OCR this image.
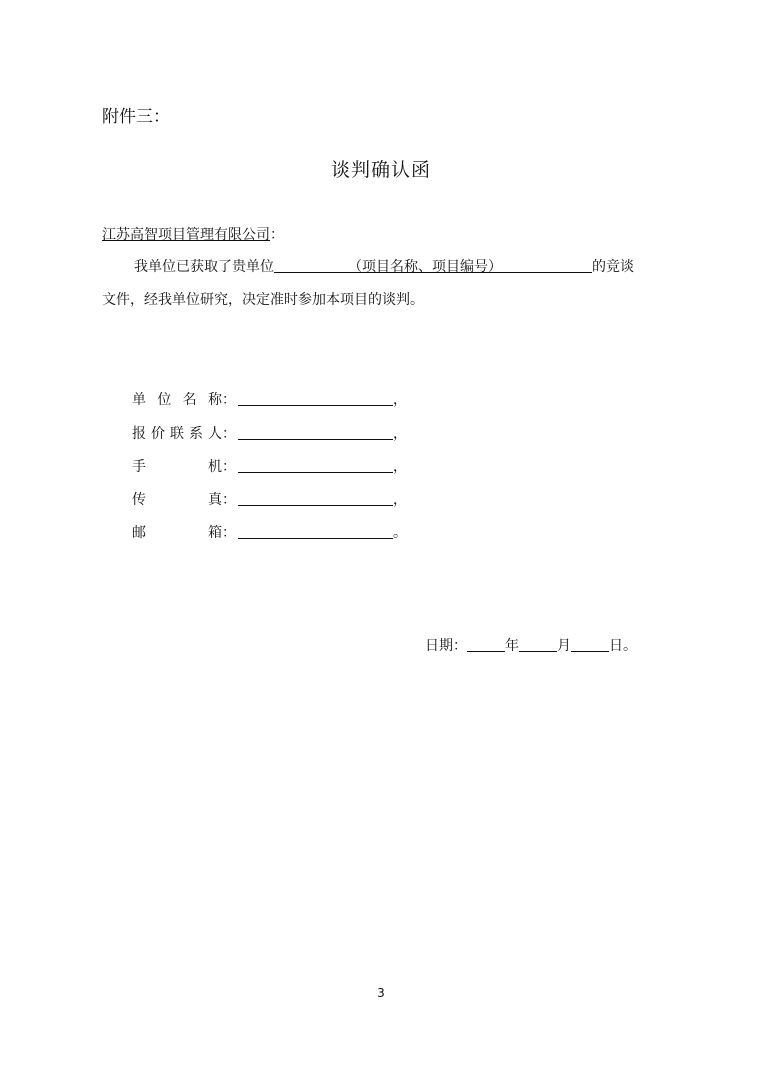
附件三：
谈判确认函
江苏高智项目管理有限公司：
我单位已获取了贵单位	（项目名称、项目编号）	的竞谈
文件，经我单位研究，决定准时参加本项目的谈判。
单位名称：	，
报价联系人：	，
手机：	，
传真：	，
邮箱：	。
日期：	年	月	日。
3
